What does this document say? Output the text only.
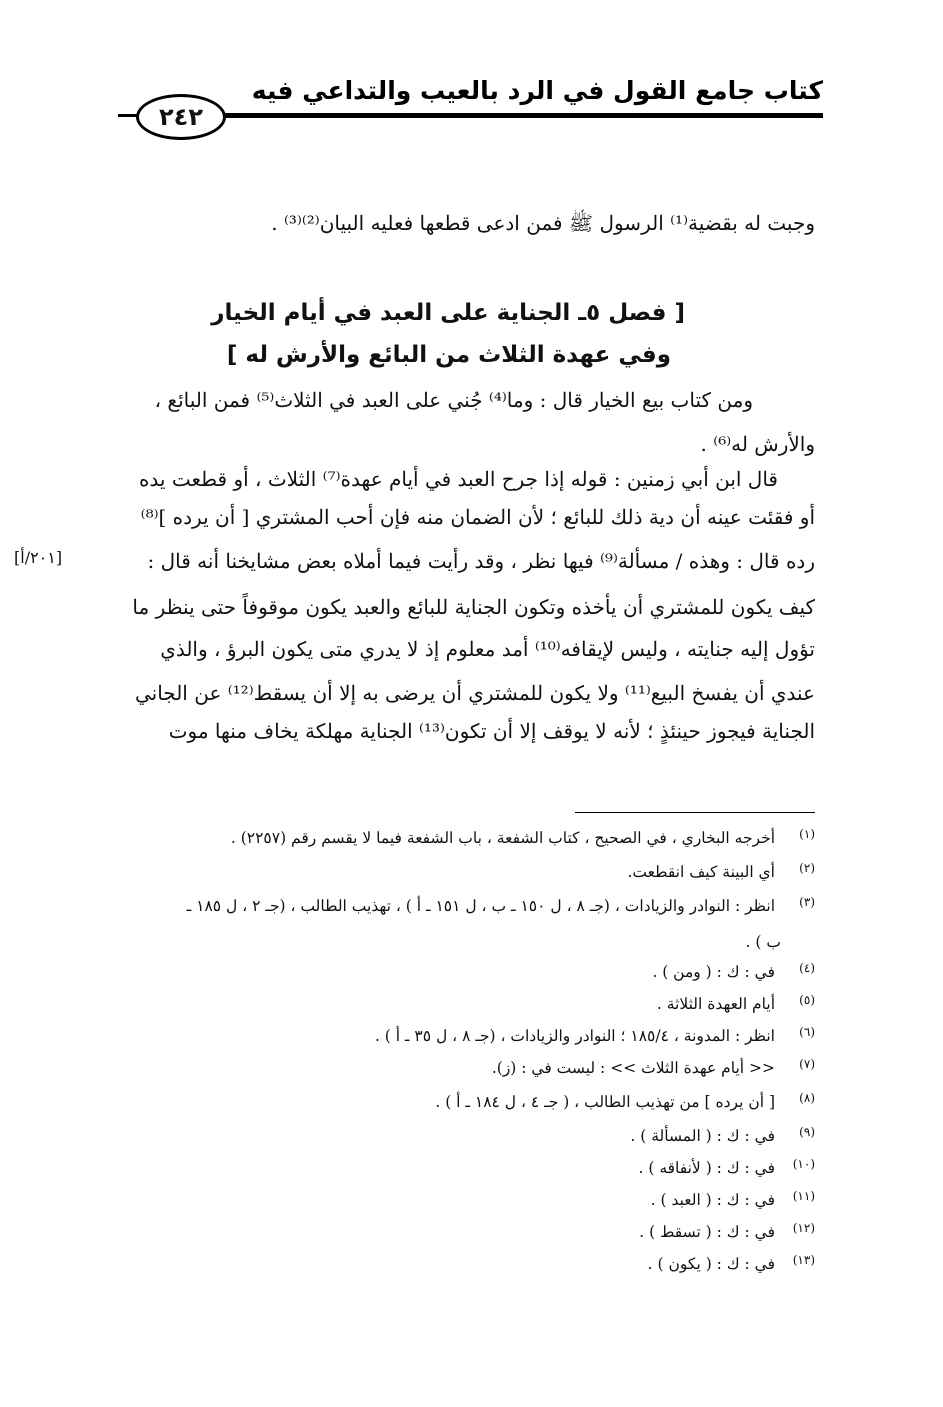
كتاب جامع القول في الرد بالعيب والتداعي فيه
٢٤٢
وجبت له بقضية⁽¹⁾ الرسول ﷺ فمن ادعى قطعها فعليه البيان⁽²⁾⁽³⁾ .
[ فصل ٥ـ الجناية على العبد في أيام الخيار
وفي عهدة الثلاث من البائع والأرش له ]
ومن كتاب بيع الخيار قال : وما⁽⁴⁾ جُني على العبد في الثلاث⁽⁵⁾ فمن البائع ،
والأرش له⁽⁶⁾ .
قال ابن أبي زمنين : قوله إذا جرح العبد في أيام عهدة⁽⁷⁾ الثلاث ، أو قطعت يده
أو فقئت عينه أن دية ذلك للبائع ؛ لأن الضمان منه فإن أحب المشتري [ أن يرده ]⁽⁸⁾
رده قال : وهذه / مسألة⁽⁹⁾ فيها نظر ، وقد رأيت فيما أملاه بعض مشايخنا أنه قال :
كيف يكون للمشتري أن يأخذه وتكون الجناية للبائع والعبد يكون موقوفاً حتى ينظر ما
تؤول إليه جنايته ، وليس لإيقافه⁽¹⁰⁾ أمد معلوم إذ لا يدري متى يكون البرؤ ، والذي
عندي أن يفسخ البيع⁽¹¹⁾ ولا يكون للمشتري أن يرضى به إلا أن يسقط⁽¹²⁾ عن الجاني
الجناية فيجوز حينئذٍ ؛ لأنه لا يوقف إلا أن تكون⁽¹³⁾ الجناية مهلكة يخاف منها موت
[٢٠١/أ]
(١)أخرجه البخاري ، في الصحيح ، كتاب الشفعة ، باب الشفعة فيما لا يقسم رقم (٢٢٥٧) .
(٢)أي البينة كيف انقطعت.
(٣)انظر : النوادر والزيادات ، (جـ ٨ ، ل ١٥٠ ـ ب ، ل ١٥١ ـ أ ) ، تهذيب الطالب ، (جـ ٢ ، ل ١٨٥ ـ
ب ) .
(٤)في : ك : ( ومن ) .
(٥)أيام العهدة الثلاثة .
(٦)انظر : المدونة ، ١٨٥/٤ ؛ النوادر والزيادات ، (جـ ٨ ، ل ٣٥ ـ أ ) .
(٧)<< أيام عهدة الثلاث >> : ليست في : (ز).
(٨)[ أن يرده ] من تهذيب الطالب ، ( جـ ٤ ، ل ١٨٤ ـ أ ) .
(٩)في : ك : ( المسألة ) .
(١٠)في : ك : ( لأنفاقه ) .
(١١)في : ك : ( العبد ) .
(١٢)في : ك : ( تسقط ) .
(١٣)في : ك : ( يكون ) .
